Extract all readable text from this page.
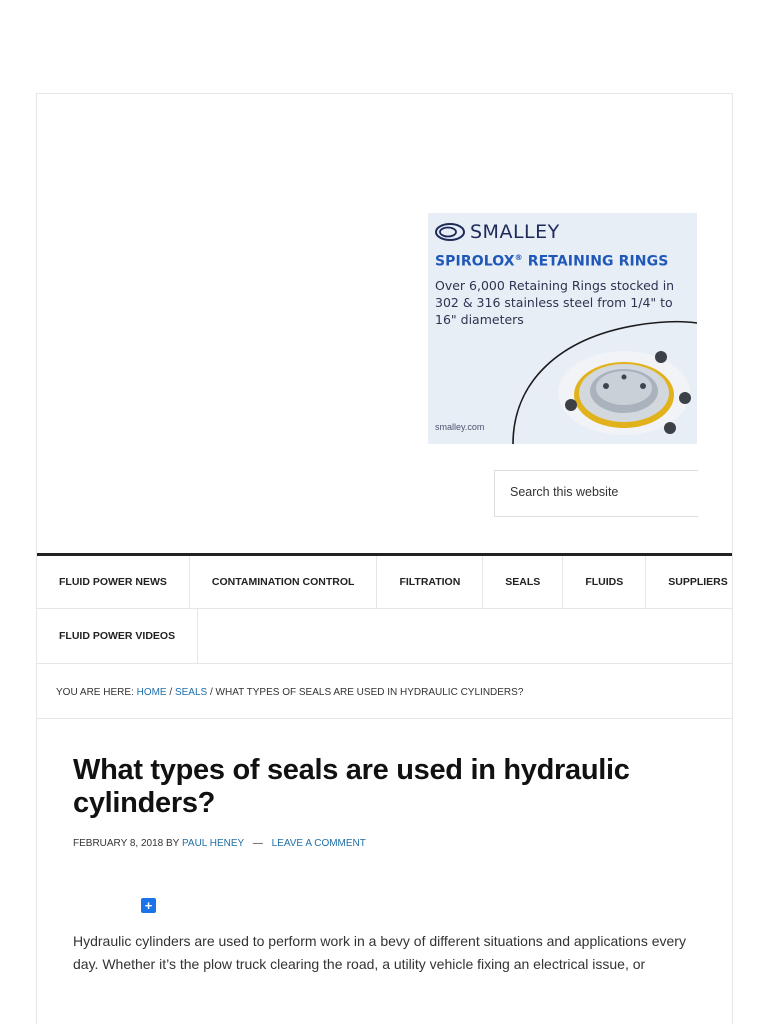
SMALLEY
SPIROLOX® RETAINING RINGS
Over 6,000 Retaining Rings stocked in 302 & 316 stainless steel from 1/4" to 16" diameters
smalley.com
Search this website
FLUID POWER NEWS	CONTAMINATION CONTROL	FILTRATION	SEALS	FLUIDS	SUPPLIERS
FLUID POWER VIDEOS
YOU ARE HERE: HOME / SEALS / WHAT TYPES OF SEALS ARE USED IN HYDRAULIC CYLINDERS?
What types of seals are used in hydraulic cylinders?
FEBRUARY 8, 2018 BY PAUL HENEY — LEAVE A COMMENT
+

Hydraulic cylinders are used to perform work in a bevy of different situations and applications every day. Whether it’s the plow truck clearing the road, a utility vehicle fixing an electrical issue, or
